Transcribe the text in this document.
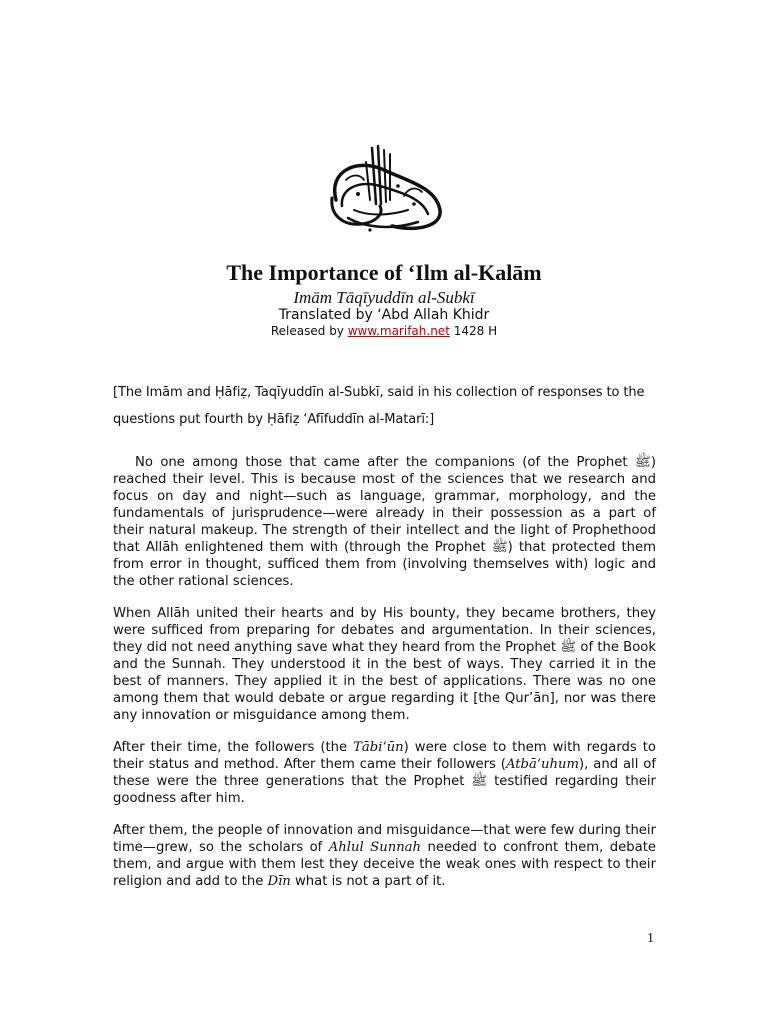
The Importance of ‘Ilm al-Kalām
Imām Tāqīyuddīn al-Subkī
Translated by ‘Abd Allah Khidr
Released by www.marifah.net 1428 H
[The Imām and Ḥāfiẓ, Taqīyuddīn al-Subkī, said in his collection of responses to the questions put fourth by Ḥāfiẓ ‘Afīfuddīn al-Matarī:]

No one among those that came after the companions (of the Prophet ﷺ) reached their level. This is because most of the sciences that we research and focus on day and night—such as language, grammar, morphology, and the fundamentals of jurisprudence—were already in their possession as a part of their natural makeup. The strength of their intellect and the light of Prophethood that Allāh enlightened them with (through the Prophet ﷺ) that protected them from error in thought, sufficed them from (involving themselves with) logic and the other rational sciences.

When Allāh united their hearts and by His bounty, they became brothers, they were sufficed from preparing for debates and argumentation. In their sciences, they did not need anything save what they heard from the Prophet ﷺ of the Book and the Sunnah. They understood it in the best of ways. They carried it in the best of manners. They applied it in the best of applications. There was no one among them that would debate or argue regarding it [the Qur’ān], nor was there any innovation or misguidance among them.

After their time, the followers (the Tābi‘ūn) were close to them with regards to their status and method. After them came their followers (Atbā‘uhum), and all of these were the three generations that the Prophet ﷺ testified regarding their goodness after him.

After them, the people of innovation and misguidance—that were few during their time—grew, so the scholars of Ahlul Sunnah needed to confront them, debate them, and argue with them lest they deceive the weak ones with respect to their religion and add to the Dīn what is not a part of it.

1
